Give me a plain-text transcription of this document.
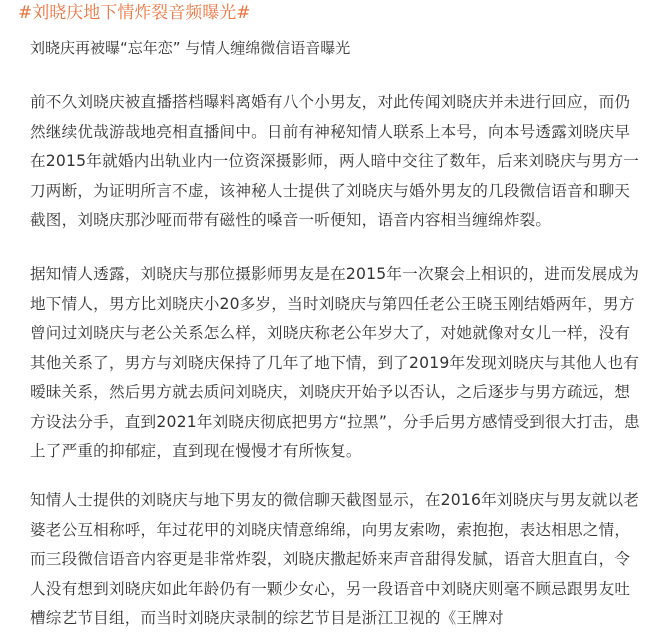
#刘晓庆地下情炸裂音频曝光#
刘晓庆再被曝“忘年恋” 与情人缠绵微信语音曝光

前不久刘晓庆被直播搭档曝料离婚有八个小男友，对此传闻刘晓庆并未进行回应，而仍
然继续优哉游哉地亮相直播间中。日前有神秘知情人联系上本号，向本号透露刘晓庆早
在2015年就婚内出轨业内一位资深摄影师，两人暗中交往了数年，后来刘晓庆与男方一
刀两断，为证明所言不虚，该神秘人士提供了刘晓庆与婚外男友的几段微信语音和聊天
截图，刘晓庆那沙哑而带有磁性的嗓音一听便知，语音内容相当缠绵炸裂。

据知情人透露，刘晓庆与那位摄影师男友是在2015年一次聚会上相识的，进而发展成为
地下情人，男方比刘晓庆小20多岁，当时刘晓庆与第四任老公王晓玉刚结婚两年，男方
曾问过刘晓庆与老公关系怎么样，刘晓庆称老公年岁大了，对她就像对女儿一样，没有
其他关系了，男方与刘晓庆保持了几年了地下情，到了2019年发现刘晓庆与其他人也有
暧昧关系，然后男方就去质问刘晓庆，刘晓庆开始予以否认，之后逐步与男方疏远，想
方设法分手，直到2021年刘晓庆彻底把男方“拉黑”，分手后男方感情受到很大打击，患
上了严重的抑郁症，直到现在慢慢才有所恢复。

知情人士提供的刘晓庆与地下男友的微信聊天截图显示，在2016年刘晓庆与男友就以老
婆老公互相称呼，年过花甲的刘晓庆情意绵绵，向男友索吻，索抱抱，表达相思之情，
而三段微信语音内容更是非常炸裂，刘晓庆撒起娇来声音甜得发腻，语音大胆直白，令
人没有想到刘晓庆如此年龄仍有一颗少女心，另一段语音中刘晓庆则毫不顾忌跟男友吐
槽综艺节目组，而当时刘晓庆录制的综艺节目是浙江卫视的《王牌对
